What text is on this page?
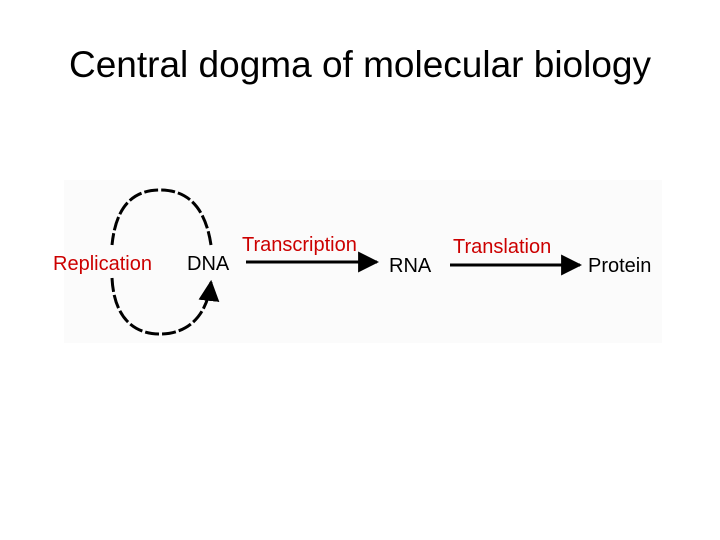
Central dogma of molecular biology
Replication
Transcription	Translation
DNA	RNA	Protein
